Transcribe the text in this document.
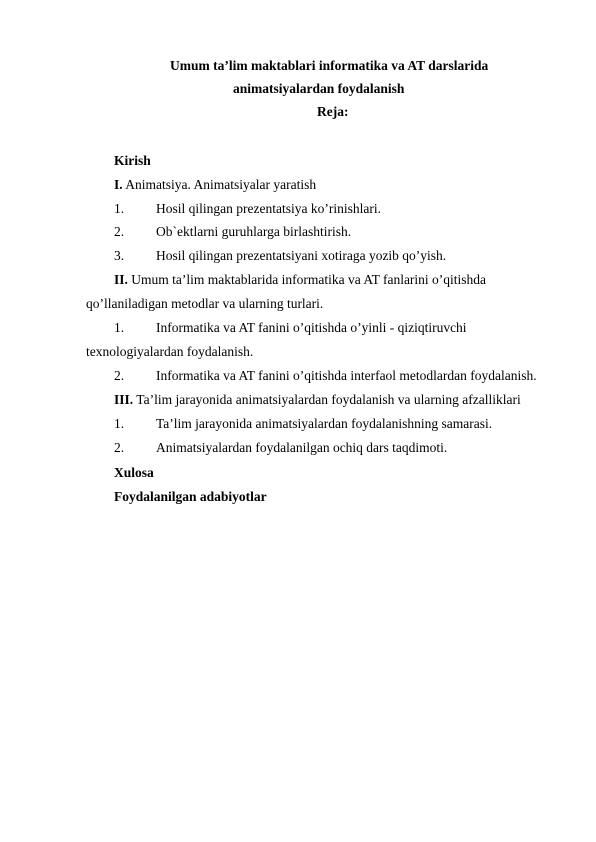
Umum ta’lim maktablari informatika va AT darslarida
animatsiyalardan foydalanish
Reja:
Kirish
I. Animatsiya. Animatsiyalar yaratish
1. Hosil qilingan prezentatsiya ko’rinishlari.
2. Ob`ektlarni guruhlarga birlashtirish.
3. Hosil qilingan prezentatsiyani xotiraga yozib qo’yish.
II. Umum ta’lim maktablarida informatika va AT fanlarini o’qitishda
qo’llaniladigan metodlar va ularning turlari.
1. Informatika va AT fanini o’qitishda o’yinli - qiziqtiruvchi
texnologiyalardan foydalanish.
2. Informatika va AT fanini o’qitishda interfaol metodlardan foydalanish.
III. Ta’lim jarayonida animatsiyalardan foydalanish va ularning afzalliklari
1. Ta’lim jarayonida animatsiyalardan foydalanishning samarasi.
2. Animatsiyalardan foydalanilgan ochiq dars taqdimoti.
Xulosa
Foydalanilgan adabiyotlar
